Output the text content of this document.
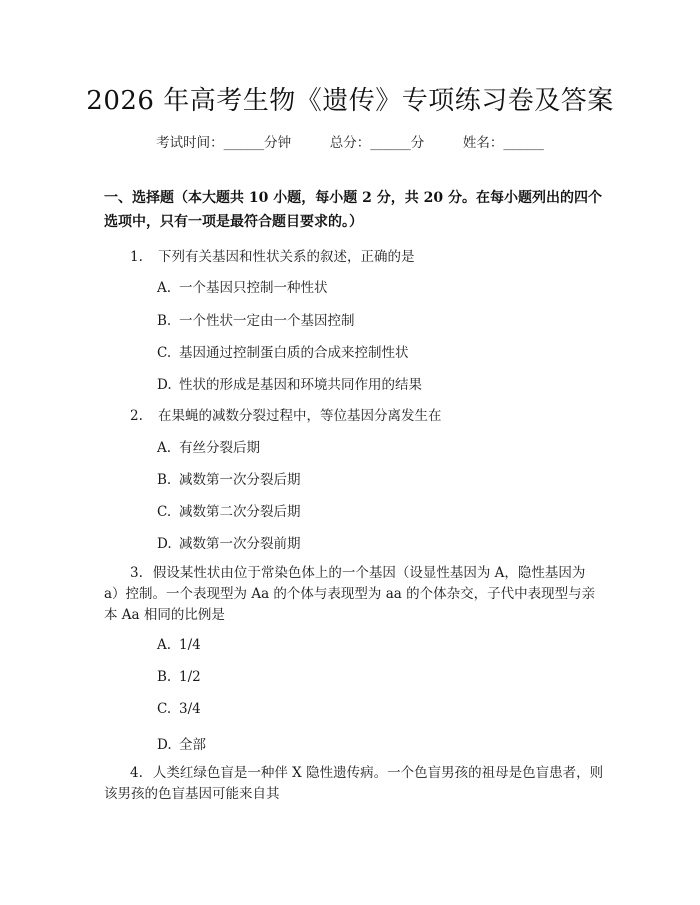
2026 年高考生物《遗传》专项练习卷及答案
考试时间：______分钟	总分：______分	姓名：______
一、选择题（本大题共 10 小题，每小题 2 分，共 20 分。在每小题列出的四个选项中，只有一项是最符合题目要求的。）
1. 下列有关基因和性状关系的叙述，正确的是
A. 一个基因只控制一种性状
B. 一个性状一定由一个基因控制
C. 基因通过控制蛋白质的合成来控制性状
D. 性状的形成是基因和环境共同作用的结果
2. 在果蝇的减数分裂过程中，等位基因分离发生在
A. 有丝分裂后期
B. 减数第一次分裂后期
C. 减数第二次分裂后期
D. 减数第一次分裂前期
3. 假设某性状由位于常染色体上的一个基因（设显性基因为 A，隐性基因为 a）控制。一个表现型为 Aa 的个体与表现型为 aa 的个体杂交，子代中表现型与亲本 Aa 相同的比例是
A. 1/4
B. 1/2
C. 3/4
D. 全部
4. 人类红绿色盲是一种伴 X 隐性遗传病。一个色盲男孩的祖母是色盲患者，则该男孩的色盲基因可能来自其
